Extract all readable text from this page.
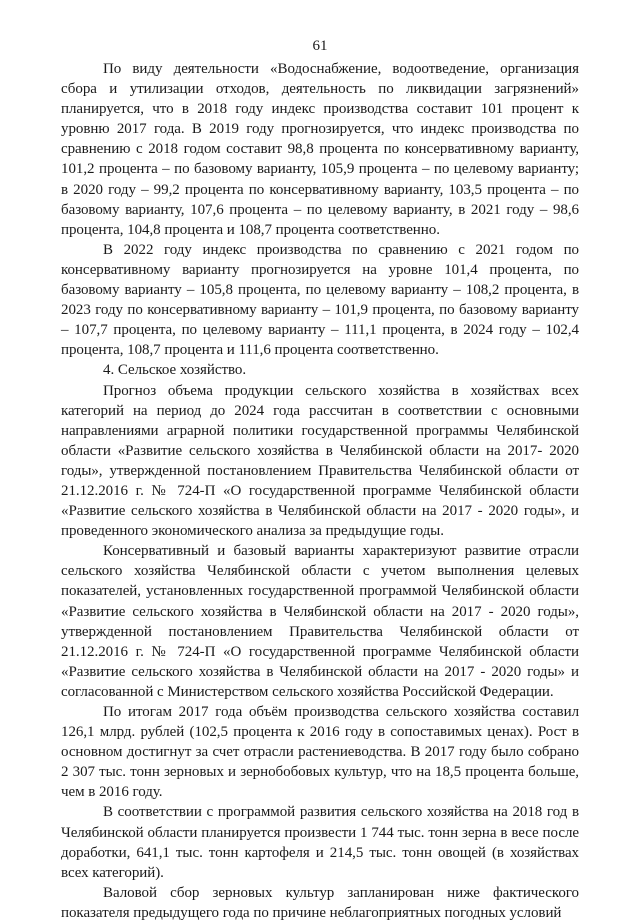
61

По виду деятельности «Водоснабжение, водоотведение, организация сбора и утилизации отходов, деятельность по ликвидации загрязнений» планируется, что в 2018 году индекс производства составит 101 процент к уровню 2017 года. В 2019 году прогнозируется, что индекс производства по сравнению с 2018 годом составит 98,8 процента по консервативному варианту, 101,2 процента – по базовому варианту, 105,9 процента – по целевому варианту; в 2020 году – 99,2 процента по консервативному варианту, 103,5 процента – по базовому варианту, 107,6 процента – по целевому варианту, в 2021 году – 98,6 процента, 104,8 процента и 108,7 процента соответственно.

В 2022 году индекс производства по сравнению с 2021 годом по консервативному варианту прогнозируется на уровне 101,4 процента, по базовому варианту – 105,8 процента, по целевому варианту – 108,2 процента, в 2023 году по консервативному варианту – 101,9 процента, по базовому варианту – 107,7 процента, по целевому варианту – 111,1 процента, в 2024 году – 102,4 процента, 108,7 процента и 111,6 процента соответственно.

4. Сельское хозяйство.

Прогноз объема продукции сельского хозяйства в хозяйствах всех категорий на период до 2024 года рассчитан в соответствии с основными направлениями аграрной политики государственной программы Челябинской области «Развитие сельского хозяйства в Челябинской области на 2017- 2020 годы», утвержденной постановлением Правительства Челябинской области от 21.12.2016 г. № 724-П «О государственной программе Челябинской области «Развитие сельского хозяйства в Челябинской области на 2017 - 2020 годы», и проведенного экономического анализа за предыдущие годы.

Консервативный и базовый варианты характеризуют развитие отрасли сельского хозяйства Челябинской области с учетом выполнения целевых показателей, установленных государственной программой Челябинской области «Развитие сельского хозяйства в Челябинской области на 2017 - 2020 годы», утвержденной постановлением Правительства Челябинской области от 21.12.2016 г. № 724-П «О государственной программе Челябинской области «Развитие сельского хозяйства в Челябинской области на 2017 - 2020 годы» и согласованной с Министерством сельского хозяйства Российской Федерации.

По итогам 2017 года объём производства сельского хозяйства составил 126,1 млрд. рублей (102,5 процента к 2016 году в сопоставимых ценах). Рост в основном достигнут за счет отрасли растениеводства. В 2017 году было собрано 2 307 тыс. тонн зерновых и зернобобовых культур, что на 18,5 процента больше, чем в 2016 году.

В соответствии с программой развития сельского хозяйства на 2018 год в Челябинской области планируется произвести 1 744 тыс. тонн зерна в весе после доработки, 641,1 тыс. тонн картофеля и 214,5 тыс. тонн овощей (в хозяйствах всех категорий).

Валовой сбор зерновых культур запланирован ниже фактического показателя предыдущего года по причине неблагоприятных погодных условий
